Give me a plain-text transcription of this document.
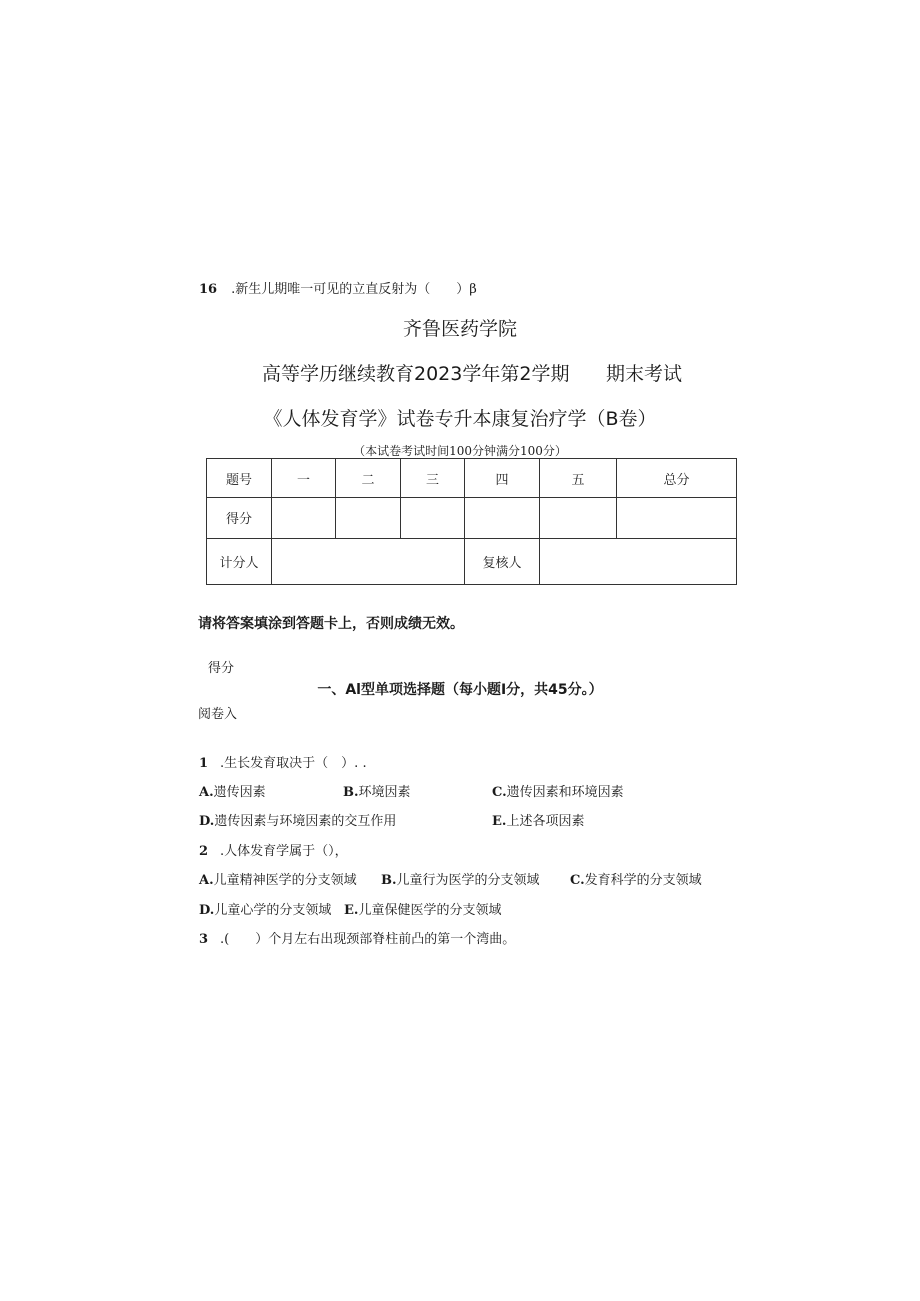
16 .新生儿期唯一可见的立直反射为（　　）β
齐鲁医药学院
高等学历继续教育2023学年第2学期 期末考试
《人体发育学》试卷专升本康复治疗学（B卷）
（本试卷考试时间100分钟满分100分）
题号	一	二	三	四	五	总分
得分						
计分人				复核人		
请将答案填涂到答题卡上，否则成绩无效。
得分
一、Al型单项选择题（每小题I分，共45分。）
阅卷入
1 .生长发育取决于（　）. .
A.遗传因素	B.环境因素	C.遗传因素和环境因素
D.遗传因素与环境因素的交互作用	E.上述各项因素
2 .人体发育学属于（），
A.儿童精神医学的分支领域 B.儿童行为医学的分支领域 C.发育科学的分支领域
D.儿童心学的分支领域 E.儿童保健医学的分支领域
3 .(　　）个月左右出现颈部脊柱前凸的第一个湾曲。
